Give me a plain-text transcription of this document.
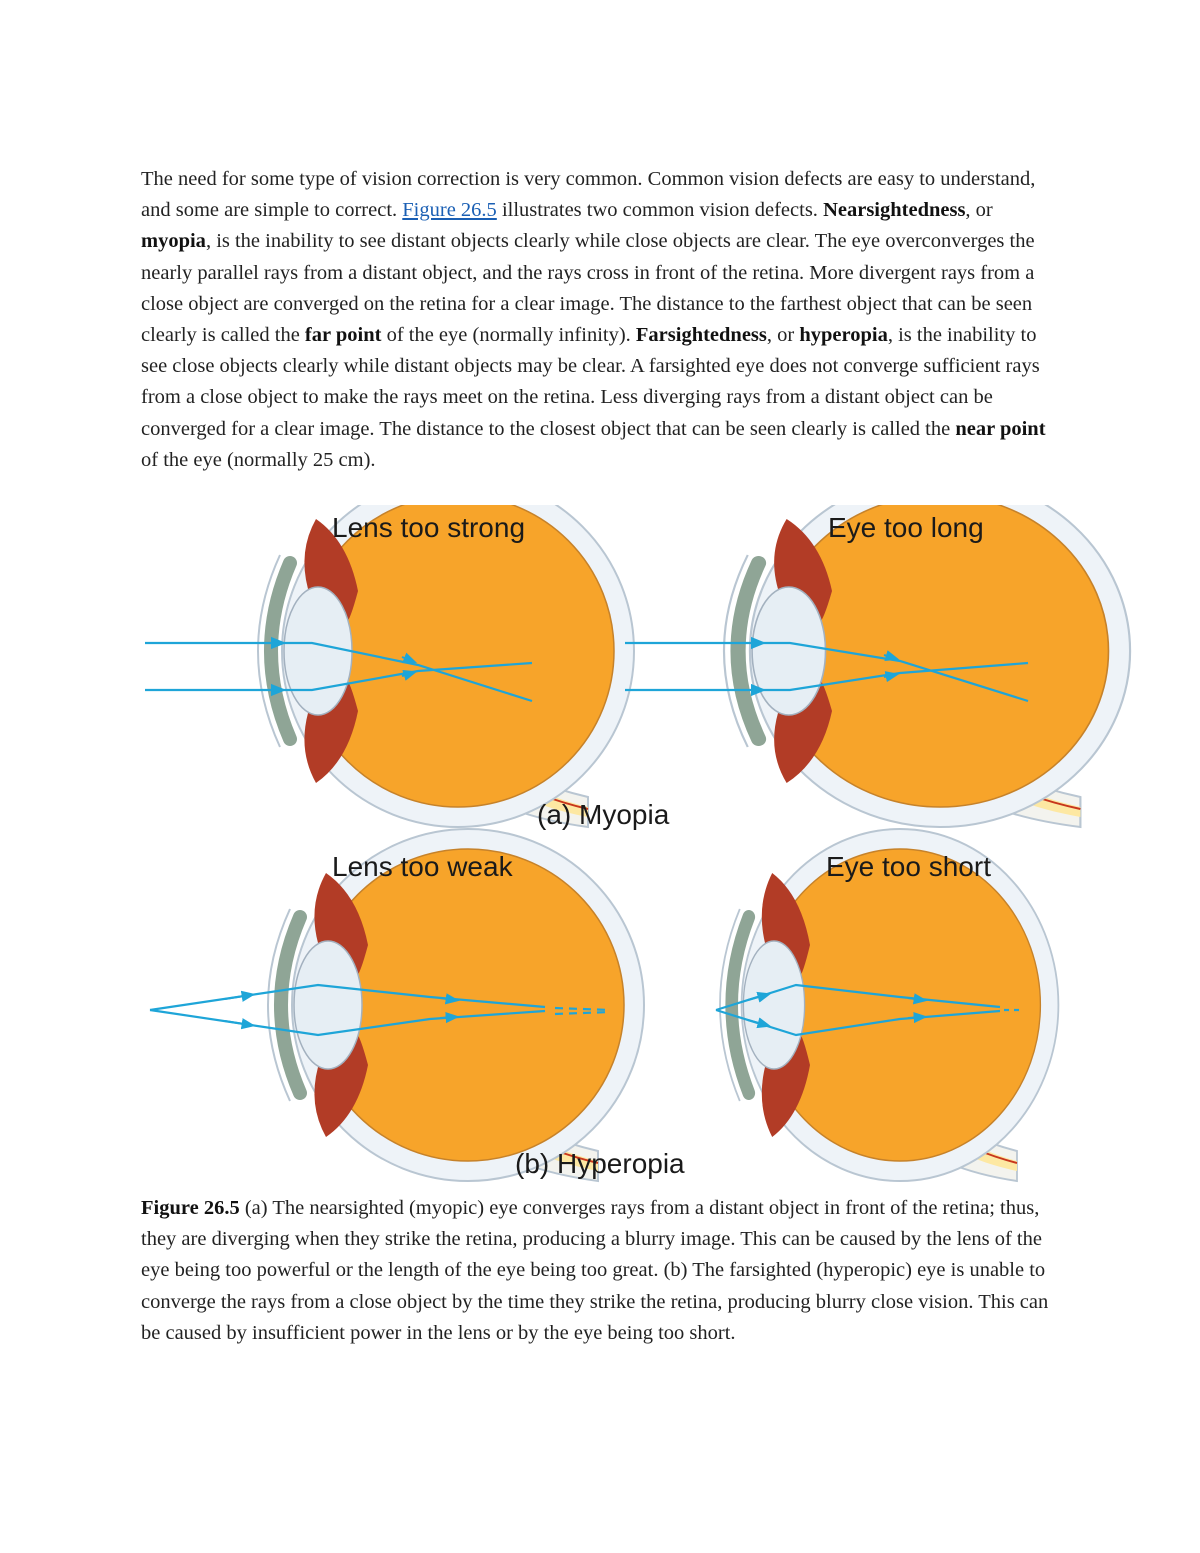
The need for some type of vision correction is very common. Common vision defects are easy to understand, and some are simple to correct. Figure 26.5 illustrates two common vision defects. Nearsightedness, or myopia, is the inability to see distant objects clearly while close objects are clear. The eye overconverges the nearly parallel rays from a distant object, and the rays cross in front of the retina. More divergent rays from a close object are converged on the retina for a clear image. The distance to the farthest object that can be seen clearly is called the far point of the eye (normally infinity). Farsightedness, or hyperopia, is the inability to see close objects clearly while distant objects may be clear. A farsighted eye does not converge sufficient rays from a close object to make the rays meet on the retina. Less diverging rays from a distant object can be converged for a clear image. The distance to the closest object that can be seen clearly is called the near point of the eye (normally 25 cm).

Lens too strong	Eye too long

(a) Myopia

Lens too weak	Eye too short

(b) Hyperopia

Figure 26.5 (a) The nearsighted (myopic) eye converges rays from a distant object in front of the retina; thus, they are diverging when they strike the retina, producing a blurry image. This can be caused by the lens of the eye being too powerful or the length of the eye being too great. (b) The farsighted (hyperopic) eye is unable to converge the rays from a close object by the time they strike the retina, producing blurry close vision. This can be caused by insufficient power in the lens or by the eye being too short.
